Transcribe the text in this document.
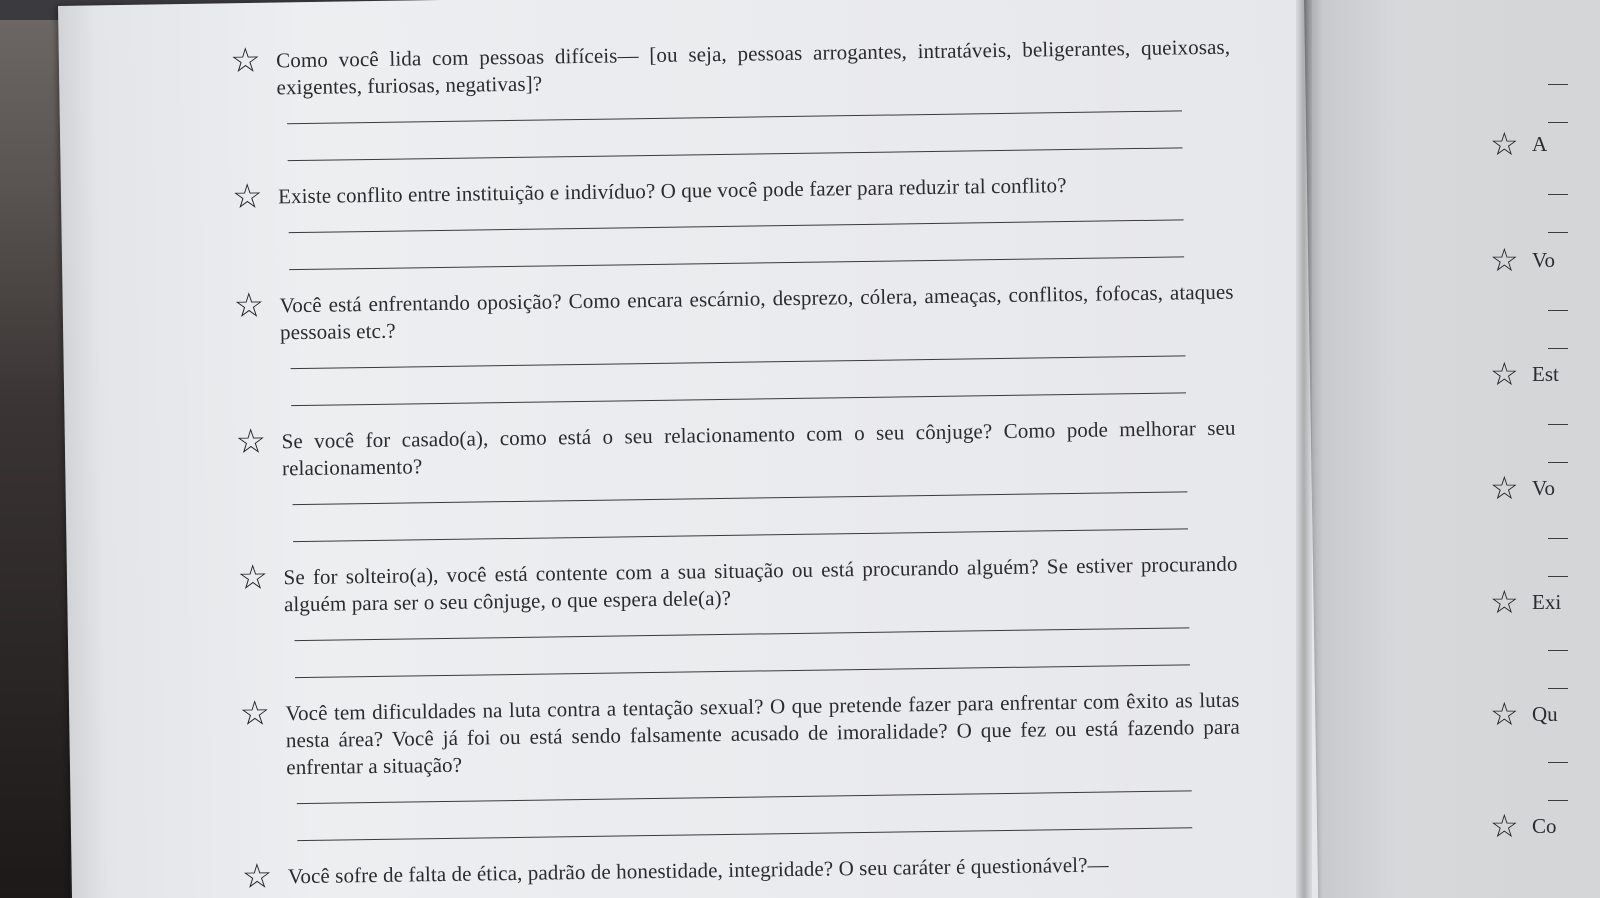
☆ Como você lida com pessoas difíceis— [ou seja, pessoas arrogantes, intratáveis, beligerantes, queixosas, exigentes, furiosas, negativas]?
☆ Existe conflito entre instituição e indivíduo? O que você pode fazer para reduzir tal conflito?
☆ Você está enfrentando oposição? Como encara escárnio, desprezo, cólera, ameaças, conflitos, fofocas, ataques pessoais etc.?
☆ Se você for casado(a), como está o seu relacionamento com o seu cônjuge? Como pode melhorar seu relacionamento?
☆ Se for solteiro(a), você está contente com a sua situação ou está procurando alguém? Se estiver procurando alguém para ser o seu cônjuge, o que espera dele(a)?
☆ Você tem dificuldades na luta contra a tentação sexual? O que pretende fazer para enfrentar com êxito as lutas nesta área? Você já foi ou está sendo falsamente acusado de imoralidade? O que fez ou está fazendo para enfrentar a situação?
☆ Você sofre de falta de ética, padrão de honestidade, integridade? O seu caráter é questionável?—
☆ A
☆ Vo
☆ Est
☆ Vo
☆ Exi
☆ Qu
☆ Co
